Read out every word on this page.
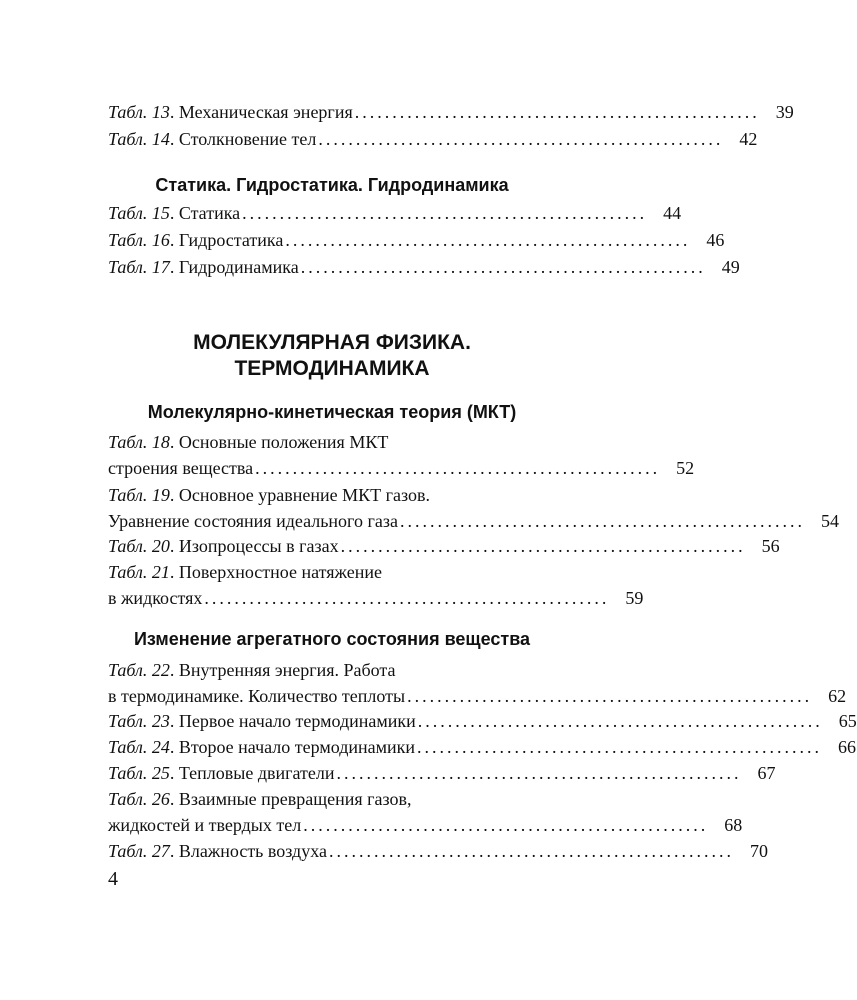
Табл. 13. Механическая энергия ...................................................... 39
Табл. 14. Столкновение тел ...................................................... 42
Статика. Гидростатика. Гидродинамика
Табл. 15. Статика ...................................................... 44
Табл. 16. Гидростатика ...................................................... 46
Табл. 17. Гидродинамика ...................................................... 49
МОЛЕКУЛЯРНАЯ ФИЗИКА.
ТЕРМОДИНАМИКА
Молекулярно-кинетическая теория (МКТ)
Табл. 18. Основные положения МКТ
строения вещества ...................................................... 52
Табл. 19. Основное уравнение МКТ газов.
Уравнение состояния идеального газа ...................................................... 54
Табл. 20. Изопроцессы в газах ...................................................... 56
Табл. 21. Поверхностное натяжение
в жидкостях ...................................................... 59
Изменение агрегатного состояния вещества
Табл. 22. Внутренняя энергия. Работа
в термодинамике. Количество теплоты ...................................................... 62
Табл. 23. Первое начало термодинамики ...................................................... 65
Табл. 24. Второе начало термодинамики ...................................................... 66
Табл. 25. Тепловые двигатели ...................................................... 67
Табл. 26. Взаимные превращения газов,
жидкостей и твердых тел ...................................................... 68
Табл. 27. Влажность воздуха ...................................................... 70
4
